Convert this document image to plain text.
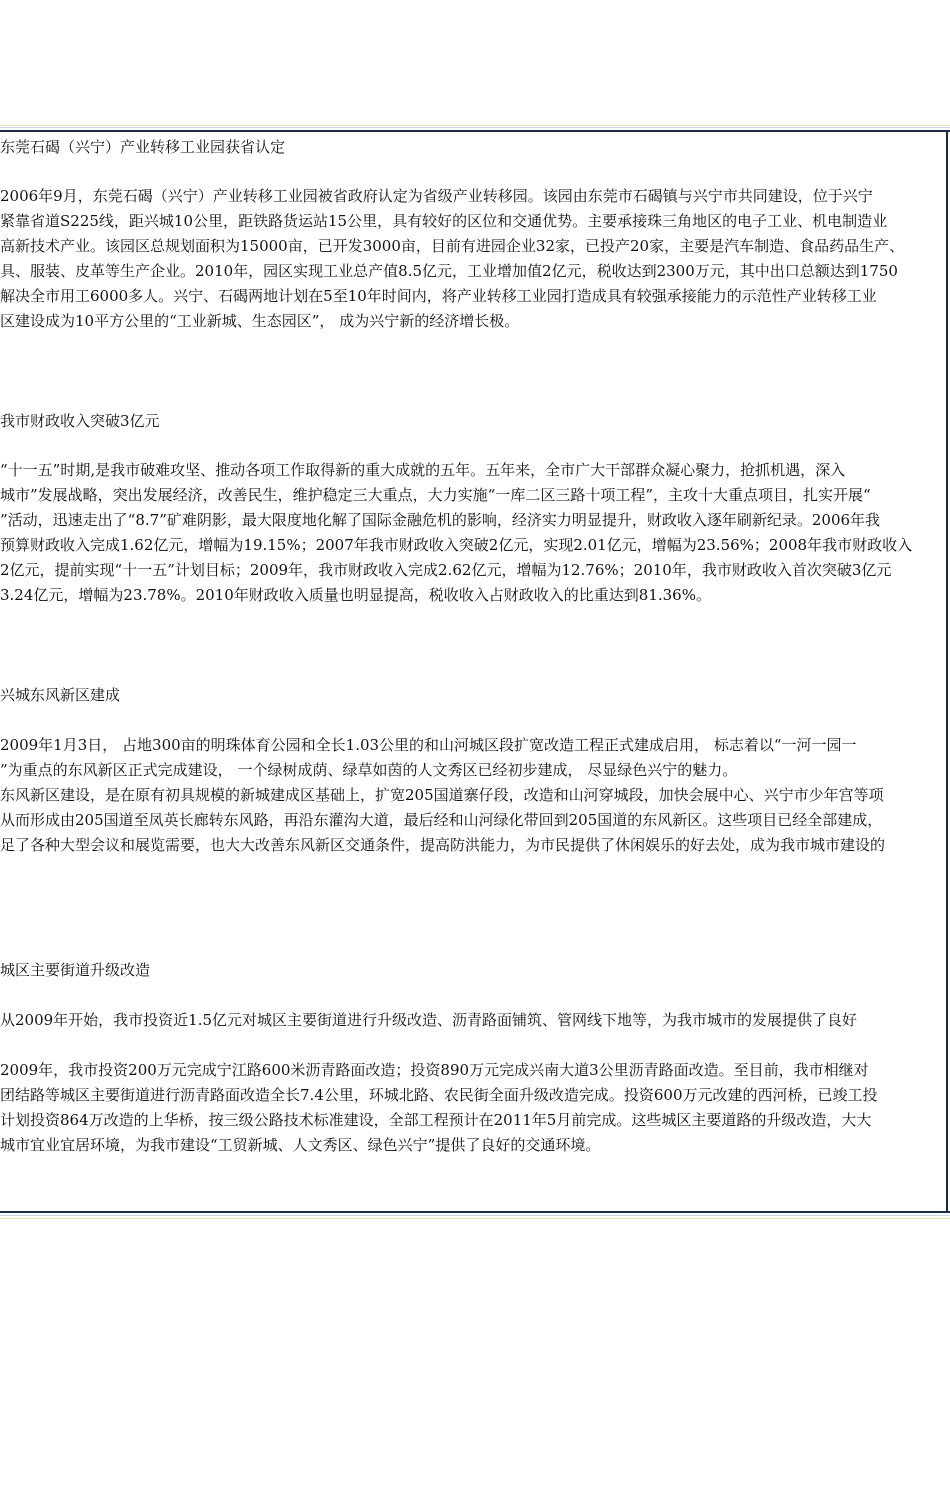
东莞石碣（兴宁）产业转移工业园获省认定
2006年9月，东莞石碣（兴宁）产业转移工业园被省政府认定为省级产业转移园。该园由东莞市石碣镇与兴宁市共同建设，位于兴宁
紧靠省道S225线，距兴城10公里，距铁路货运站15公里，具有较好的区位和交通优势。主要承接珠三角地区的电子工业、机电制造业
高新技术产业。该园区总规划面积为15000亩，已开发3000亩，目前有进园企业32家，已投产20家，主要是汽车制造、食品药品生产、
具、服装、皮革等生产企业。2010年，园区实现工业总产值8.5亿元，工业增加值2亿元，税收达到2300万元，其中出口总额达到1750
解决全市用工6000多人。兴宁、石碣两地计划在5至10年时间内，将产业转移工业园打造成具有较强承接能力的示范性产业转移工业
区建设成为10平方公里的“工业新城、生态园区”， 成为兴宁新的经济增长极。
我市财政收入突破3亿元
“十一五”时期,是我市破难攻坚、推动各项工作取得新的重大成就的五年。五年来，全市广大干部群众凝心聚力，抢抓机遇，深入
城市”发展战略，突出发展经济，改善民生，维护稳定三大重点，大力实施“一库二区三路十项工程”，主攻十大重点项目，扎实开展“
”活动，迅速走出了“8.7”矿难阴影，最大限度地化解了国际金融危机的影响，经济实力明显提升，财政收入逐年刷新纪录。2006年我
预算财政收入完成1.62亿元，增幅为19.15%；2007年我市财政收入突破2亿元，实现2.01亿元，增幅为23.56%；2008年我市财政收入
2亿元，提前实现“十一五”计划目标；2009年，我市财政收入完成2.62亿元，增幅为12.76%；2010年，我市财政收入首次突破3亿元
3.24亿元，增幅为23.78%。2010年财政收入质量也明显提高，税收收入占财政收入的比重达到81.36%。
兴城东风新区建成
2009年1月3日， 占地300亩的明珠体育公园和全长1.03公里的和山河城区段扩宽改造工程正式建成启用， 标志着以“一河一园一
”为重点的东风新区正式完成建设， 一个绿树成荫、绿草如茵的人文秀区已经初步建成， 尽显绿色兴宁的魅力。
东风新区建设，是在原有初具规模的新城建成区基础上，扩宽205国道寨仔段，改造和山河穿城段，加快会展中心、兴宁市少年宫等项
从而形成由205国道至凤英长廊转东风路，再沿东灌沟大道，最后经和山河绿化带回到205国道的东风新区。这些项目已经全部建成，
足了各种大型会议和展览需要，也大大改善东风新区交通条件，提高防洪能力，为市民提供了休闲娱乐的好去处，成为我市城市建设的
城区主要街道升级改造
从2009年开始，我市投资近1.5亿元对城区主要街道进行升级改造、沥青路面铺筑、管网线下地等，为我市城市的发展提供了良好
2009年，我市投资200万元完成宁江路600米沥青路面改造；投资890万元完成兴南大道3公里沥青路面改造。至目前，我市相继对
团结路等城区主要街道进行沥青路面改造全长7.4公里，环城北路、农民街全面升级改造完成。投资600万元改建的西河桥，已竣工投
计划投资864万改造的上华桥，按三级公路技术标准建设，全部工程预计在2011年5月前完成。这些城区主要道路的升级改造，大大
城市宜业宜居环境，为我市建设“工贸新城、人文秀区、绿色兴宁”提供了良好的交通环境。
